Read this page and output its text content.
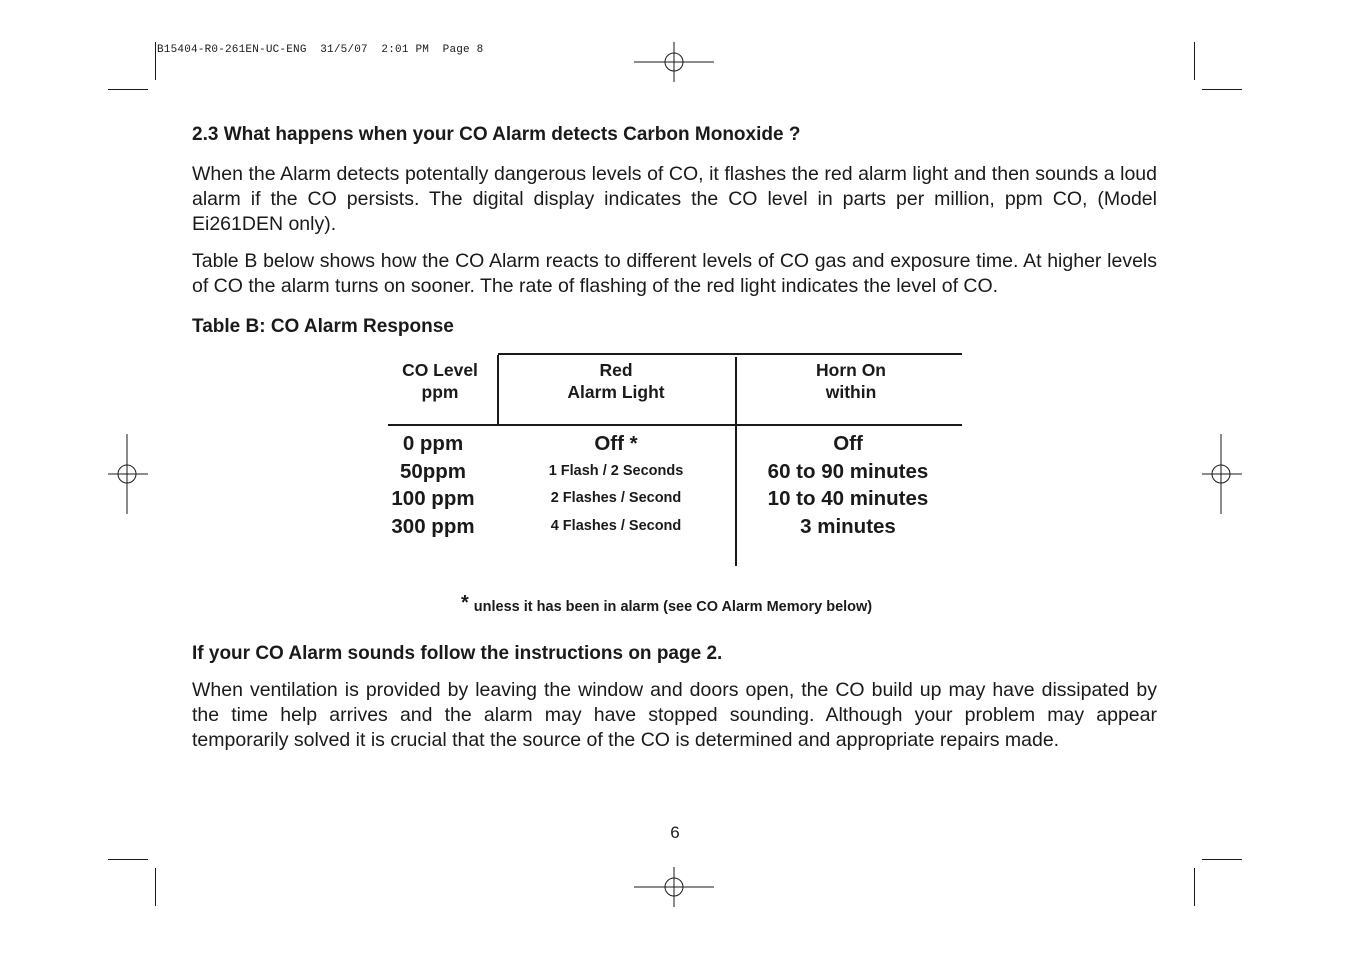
B15404-R0-261EN-UC-ENG  31/5/07  2:01 PM  Page 8
2.3 What happens when your CO Alarm detects Carbon Monoxide ?
When the Alarm detects potentally dangerous levels of CO, it flashes the red alarm light and then sounds a loud alarm if the CO persists. The digital display indicates the CO level in parts per million, ppm CO, (Model Ei261DEN only).
Table B below shows how the CO Alarm reacts to different levels of CO gas and exposure time. At higher levels of CO the alarm turns on sooner. The rate of flashing of the red light indicates the level of CO.
Table B: CO Alarm Response
CO Level
ppm
Red
Alarm Light
Horn On
within
0 ppm
50ppm
100 ppm
300 ppm
Off *
1 Flash / 2 Seconds
2 Flashes / Second
4 Flashes / Second
Off
60 to 90 minutes
10 to 40 minutes
3 minutes
* unless it has been in alarm (see CO Alarm Memory below)
If your CO Alarm sounds follow the instructions on page 2.
When ventilation is provided by leaving the window and doors open, the CO build up may have dissipated by the time help arrives and the alarm may have stopped sounding. Although your problem may appear temporarily solved it is crucial that the source of the CO is determined and appropriate repairs made.
6
